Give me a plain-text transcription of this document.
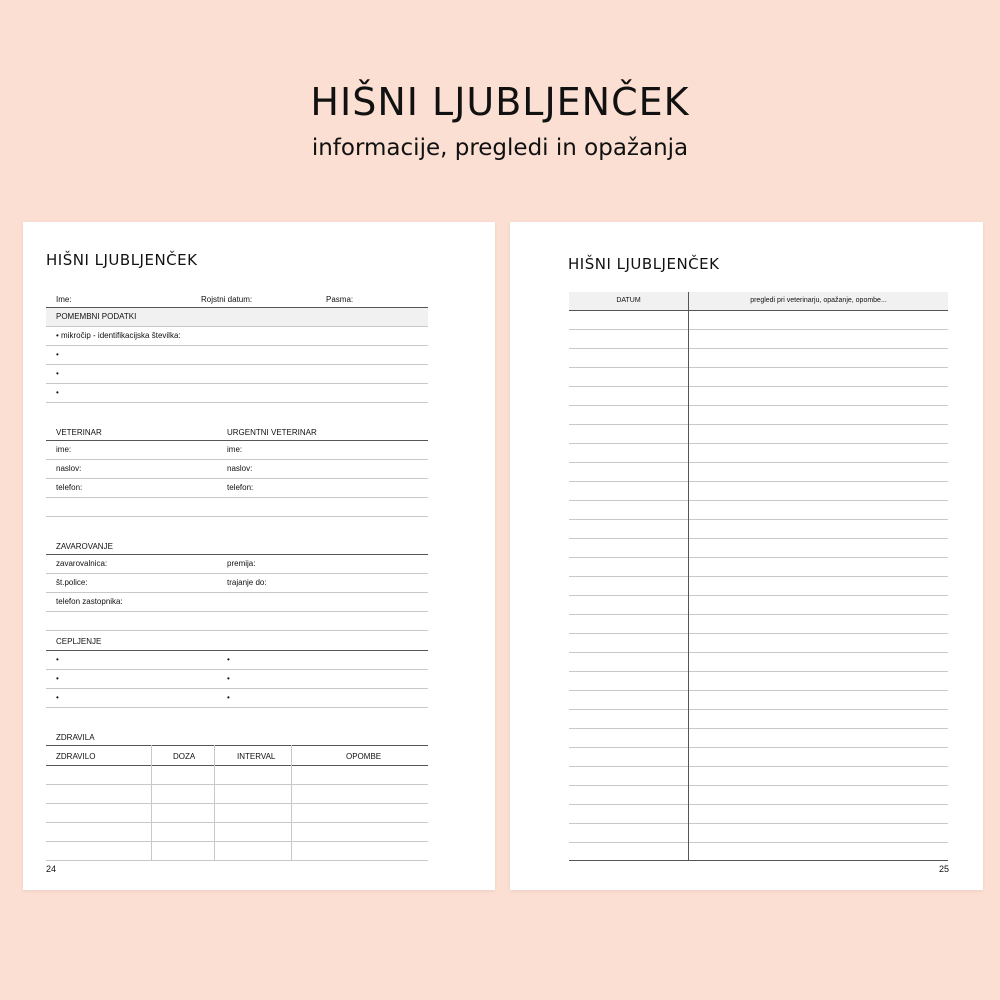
HIŠNI LJUBLJENČEK
informacije, pregledi in opažanja
HIŠNI LJUBLJENČEK
Ime:	Rojstni datum:	Pasma:
POMEMBNI PODATKI
• mikročip - identifikacijska številka:
•
•
•
VETERINAR	URGENTNI VETERINAR
ime:	ime:
naslov:	naslov:
telefon:	telefon:
ZAVAROVANJE
zavarovalnica:	premija:
št.police:	trajanje do:
telefon zastopnika:
CEPLJENJE
•	•
•	•
•	•
ZDRAVILA
ZDRAVILO	DOZA	INTERVAL	OPOMBE
24
HIŠNI LJUBLJENČEK
DATUM	pregledi pri veterinarju, opažanje, opombe...
25
